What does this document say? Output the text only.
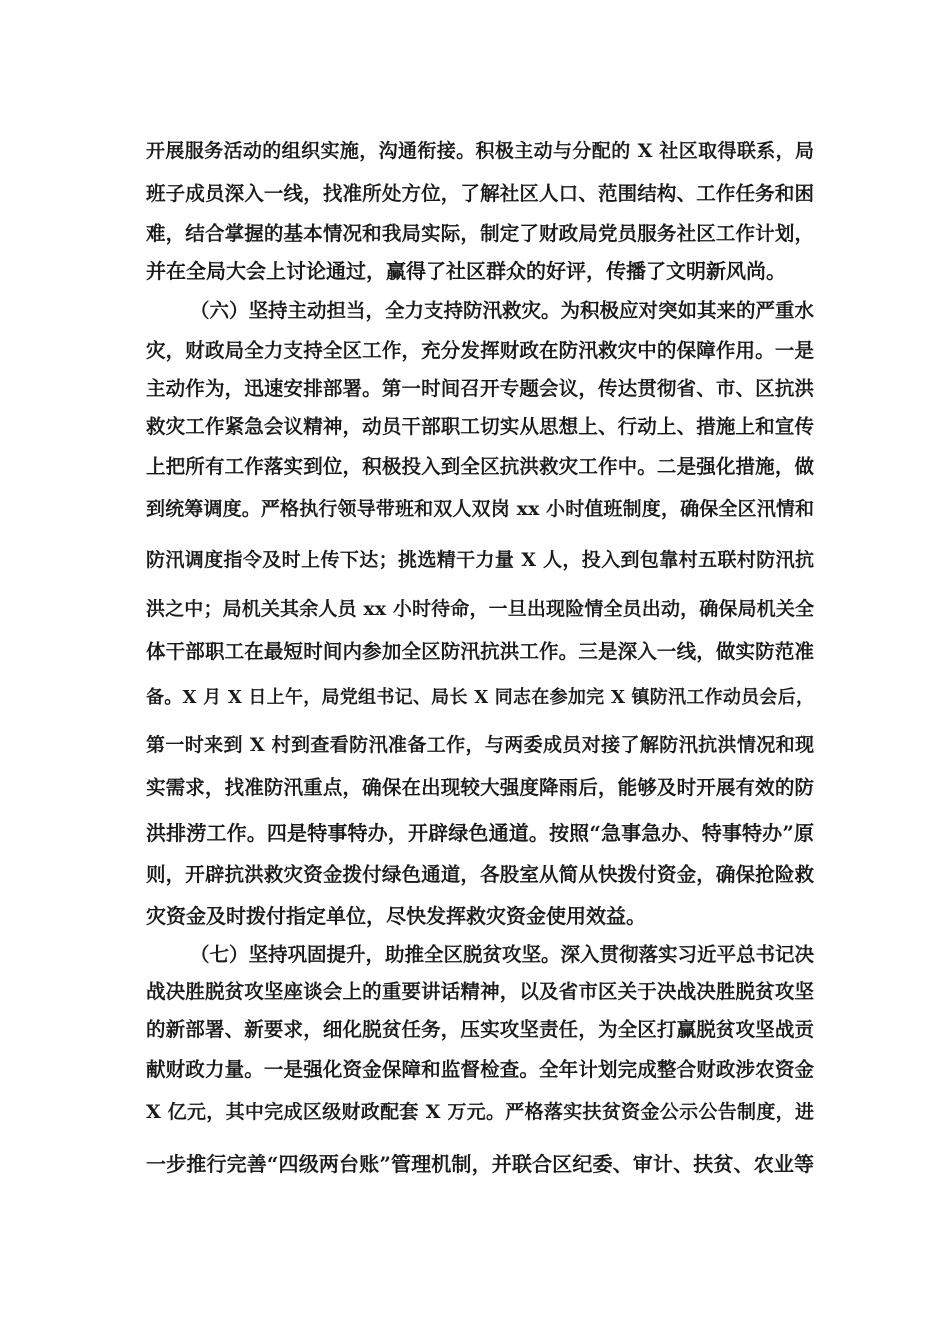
开展服务活动的组织实施，沟通衔接。积极主动与分配的 X 社区取得联系，局
班子成员深入一线，找准所处方位，了解社区人口、范围结构、工作任务和困
难，结合掌握的基本情况和我局实际，制定了财政局党员服务社区工作计划，
并在全局大会上讨论通过，赢得了社区群众的好评，传播了文明新风尚。
（六）坚持主动担当，全力支持防汛救灾。为积极应对突如其来的严重水
灾，财政局全力支持全区工作，充分发挥财政在防汛救灾中的保障作用。一是
主动作为，迅速安排部署。第一时间召开专题会议，传达贯彻省、市、区抗洪
救灾工作紧急会议精神，动员干部职工切实从思想上、行动上、措施上和宣传
上把所有工作落实到位，积极投入到全区抗洪救灾工作中。二是强化措施，做
到统筹调度。严格执行领导带班和双人双岗 xx 小时值班制度，确保全区汛情和
防汛调度指令及时上传下达；挑选精干力量 X 人，投入到包靠村五联村防汛抗
洪之中；局机关其余人员 xx 小时待命，一旦出现险情全员出动，确保局机关全
体干部职工在最短时间内参加全区防汛抗洪工作。三是深入一线，做实防范准
备。X 月 X 日上午，局党组书记、局长 X 同志在参加完 X 镇防汛工作动员会后，
第一时来到 X 村到查看防汛准备工作，与两委成员对接了解防汛抗洪情况和现
实需求，找准防汛重点，确保在出现较大强度降雨后，能够及时开展有效的防
洪排涝工作。四是特事特办，开辟绿色通道。按照“急事急办、特事特办”原
则，开辟抗洪救灾资金拨付绿色通道，各股室从简从快拨付资金，确保抢险救
灾资金及时拨付指定单位，尽快发挥救灾资金使用效益。
（七）坚持巩固提升，助推全区脱贫攻坚。深入贯彻落实习近平总书记决
战决胜脱贫攻坚座谈会上的重要讲话精神，以及省市区关于决战决胜脱贫攻坚
的新部署、新要求，细化脱贫任务，压实攻坚责任，为全区打赢脱贫攻坚战贡
献财政力量。一是强化资金保障和监督检查。全年计划完成整合财政涉农资金
X 亿元，其中完成区级财政配套 X 万元。严格落实扶贫资金公示公告制度，进
一步推行完善“四级两台账”管理机制，并联合区纪委、审计、扶贫、农业等
